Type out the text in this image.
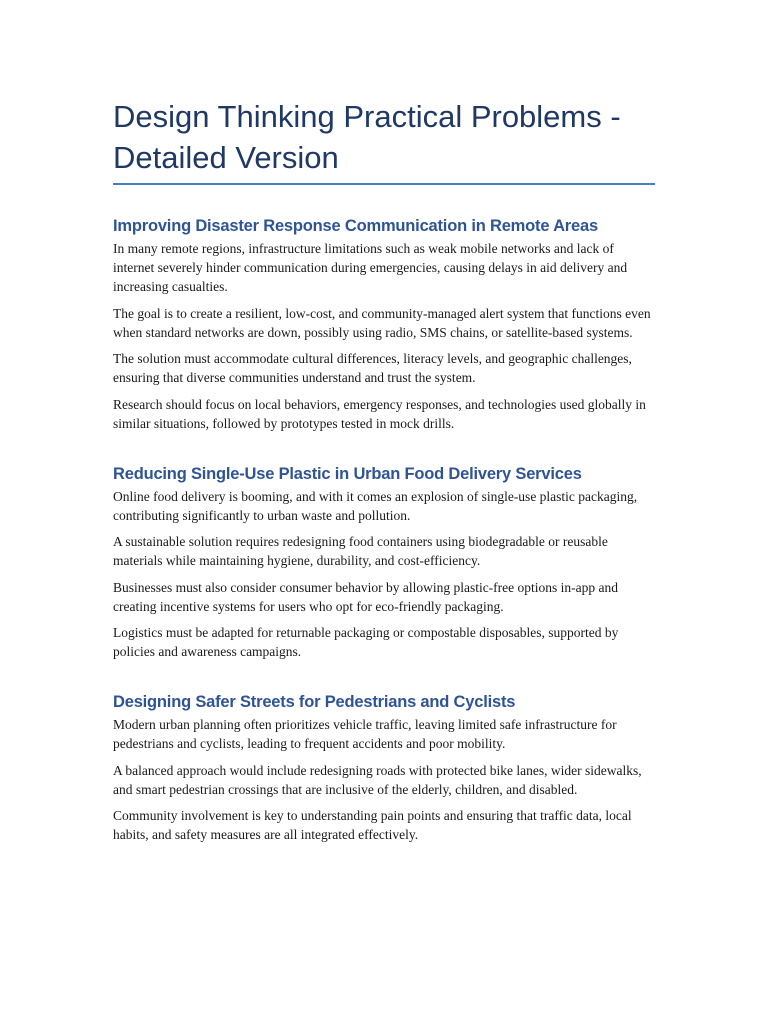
Design Thinking Practical Problems - Detailed Version
Improving Disaster Response Communication in Remote Areas

In many remote regions, infrastructure limitations such as weak mobile networks and lack of internet severely hinder communication during emergencies, causing delays in aid delivery and increasing casualties.

The goal is to create a resilient, low-cost, and community-managed alert system that functions even when standard networks are down, possibly using radio, SMS chains, or satellite-based systems.

The solution must accommodate cultural differences, literacy levels, and geographic challenges, ensuring that diverse communities understand and trust the system.

Research should focus on local behaviors, emergency responses, and technologies used globally in similar situations, followed by prototypes tested in mock drills.

Reducing Single-Use Plastic in Urban Food Delivery Services

Online food delivery is booming, and with it comes an explosion of single-use plastic packaging, contributing significantly to urban waste and pollution.

A sustainable solution requires redesigning food containers using biodegradable or reusable materials while maintaining hygiene, durability, and cost-efficiency.

Businesses must also consider consumer behavior by allowing plastic-free options in-app and creating incentive systems for users who opt for eco-friendly packaging.

Logistics must be adapted for returnable packaging or compostable disposables, supported by policies and awareness campaigns.

Designing Safer Streets for Pedestrians and Cyclists

Modern urban planning often prioritizes vehicle traffic, leaving limited safe infrastructure for pedestrians and cyclists, leading to frequent accidents and poor mobility.

A balanced approach would include redesigning roads with protected bike lanes, wider sidewalks, and smart pedestrian crossings that are inclusive of the elderly, children, and disabled.

Community involvement is key to understanding pain points and ensuring that traffic data, local habits, and safety measures are all integrated effectively.
